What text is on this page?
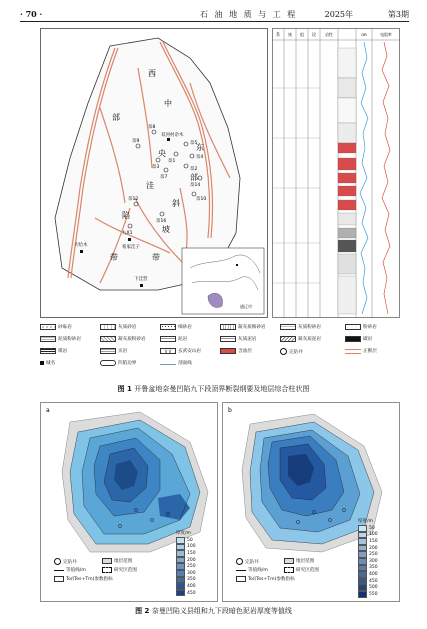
· 70 ·	石 油 地 质 与 工 程	2025年	第3期
西
部
中
央
洼
陷
带
东
部
斜
坡
带
奈8
奈9
奈3
双河村杂木
奈5
奈4
奈1
奈7
奈2
奈14
奈10
奈12
奈16
九X1
希家洼子
大哈木
下洼营
通辽市
系 统 组 段 岩性	GR	电阻率
砂砾岩	灰质砂岩	细砂岩	凝灰质细砂岩	灰质粉砂岩	粉砂岩
泥质粉砂岩	凝灰质粉砂岩	泥岩	灰质泥岩	凝灰质泥岩	碳岩
煤岩	页岩	V V	玄武安山岩	含油层	完钻井	正断层
城名	凹陷边界	剖面线
图 1 开鲁盆地奈曼凹陷九下段顶界断裂纲要及地层综合柱状图
a
完钻井	地层范围
等值线/m	研究区范围
To/(Tes+Tm)参数指标
厚度/m
50
100
150
200
250
300
350
400
450
b
完钻井	地层范围
等值线/m	研究区范围
To/(Tes+Tm)参数指标
厚度/m
50
100
150
200
250
300
350
400
450
500
550
图 2 奈曼凹陷义县组和九下段暗色泥岩厚度等值线
